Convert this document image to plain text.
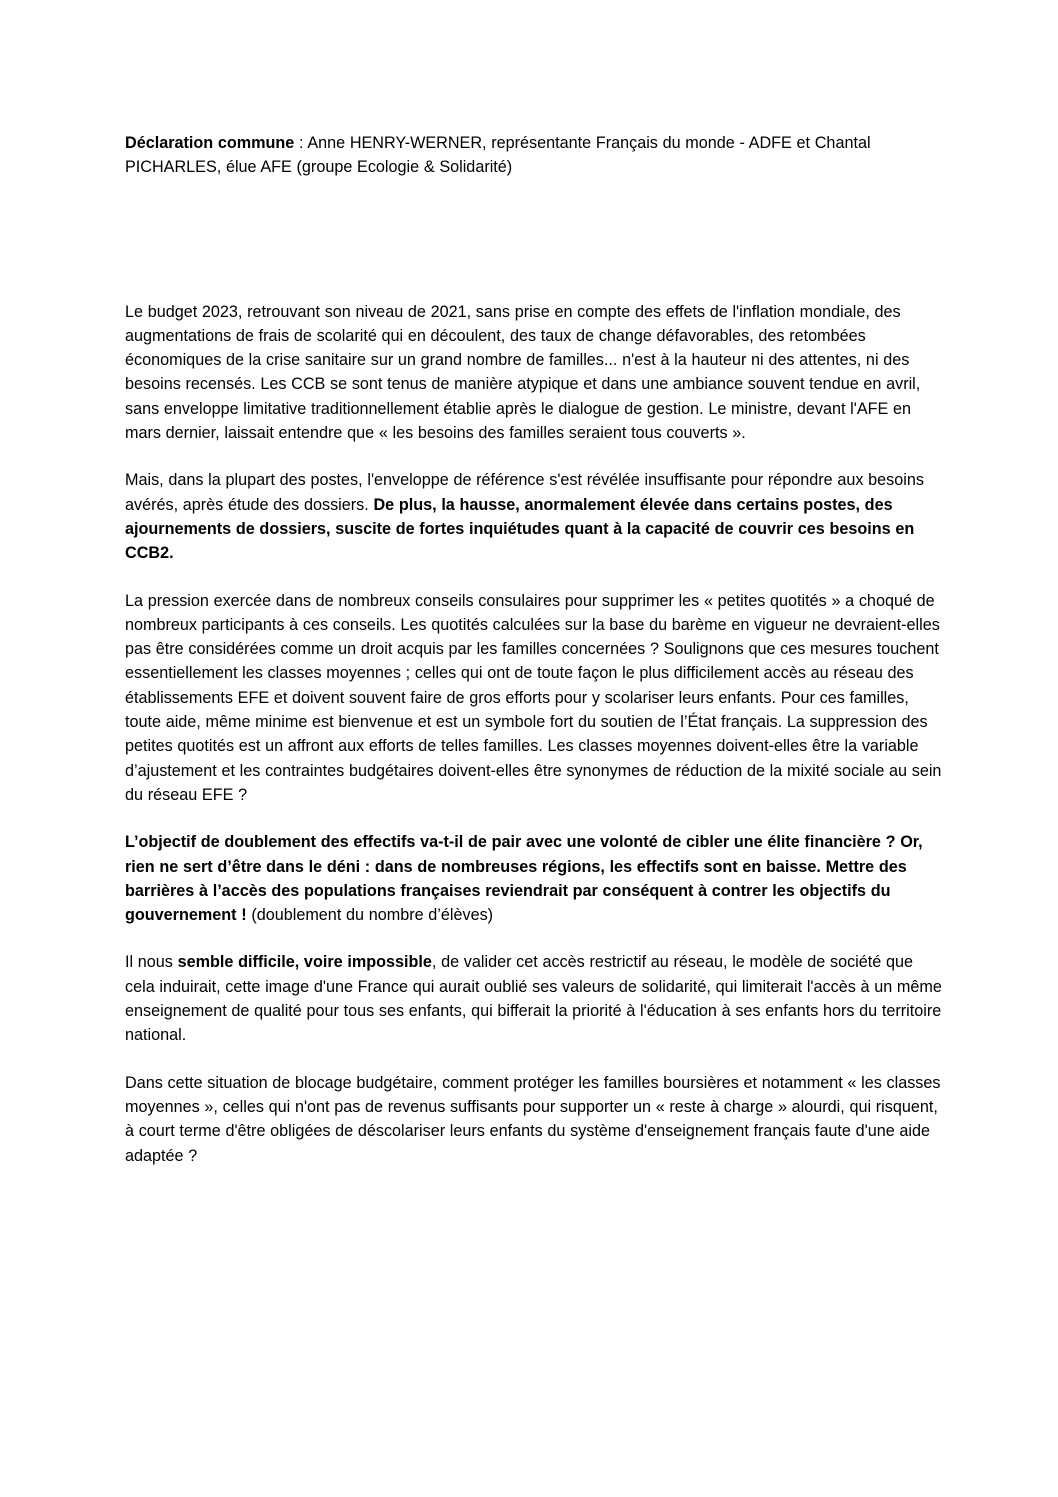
Déclaration commune : Anne HENRY-WERNER, représentante Français du monde - ADFE et Chantal PICHARLES, élue AFE (groupe Ecologie & Solidarité)

Le budget 2023, retrouvant son niveau de 2021, sans prise en compte des effets de l'inflation mondiale, des augmentations de frais de scolarité qui en découlent, des taux de change défavorables, des retombées économiques de la crise sanitaire sur un grand nombre de familles... n'est à la hauteur ni des attentes, ni des besoins recensés. Les CCB se sont tenus de manière atypique et dans une ambiance souvent tendue en avril, sans enveloppe limitative traditionnellement établie après le dialogue de gestion. Le ministre, devant l'AFE en mars dernier, laissait entendre que « les besoins des familles seraient tous couverts ».

Mais, dans la plupart des postes, l'enveloppe de référence s'est révélée insuffisante pour répondre aux besoins avérés, après étude des dossiers. De plus, la hausse, anormalement élevée dans certains postes, des ajournements de dossiers, suscite de fortes inquiétudes quant à la capacité de couvrir ces besoins en CCB2.

La pression exercée dans de nombreux conseils consulaires pour supprimer les « petites quotités » a choqué de nombreux participants à ces conseils. Les quotités calculées sur la base du barème en vigueur ne devraient-elles pas être considérées comme un droit acquis par les familles concernées ? Soulignons que ces mesures touchent essentiellement les classes moyennes ; celles qui ont de toute façon le plus difficilement accès au réseau des établissements EFE et doivent souvent faire de gros efforts pour y scolariser leurs enfants. Pour ces familles, toute aide, même minime est bienvenue et est un symbole fort du soutien de l’État français. La suppression des petites quotités est un affront aux efforts de telles familles. Les classes moyennes doivent-elles être la variable d’ajustement et les contraintes budgétaires doivent-elles être synonymes de réduction de la mixité sociale au sein du réseau EFE ?

L’objectif de doublement des effectifs va-t-il de pair avec une volonté de cibler une élite financière ? Or, rien ne sert d’être dans le déni : dans de nombreuses régions, les effectifs sont en baisse. Mettre des barrières à l’accès des populations françaises reviendrait par conséquent à contrer les objectifs du gouvernement ! (doublement du nombre d’élèves)

Il nous semble difficile, voire impossible, de valider cet accès restrictif au réseau, le modèle de société que cela induirait, cette image d'une France qui aurait oublié ses valeurs de solidarité, qui limiterait l'accès à un même enseignement de qualité pour tous ses enfants, qui bifferait la priorité à l'éducation à ses enfants hors du territoire national.

Dans cette situation de blocage budgétaire, comment protéger les familles boursières et notamment « les classes moyennes », celles qui n'ont pas de revenus suffisants pour supporter un « reste à charge » alourdi, qui risquent, à court terme d'être obligées de déscolariser leurs enfants du système d'enseignement français faute d'une aide adaptée ?
